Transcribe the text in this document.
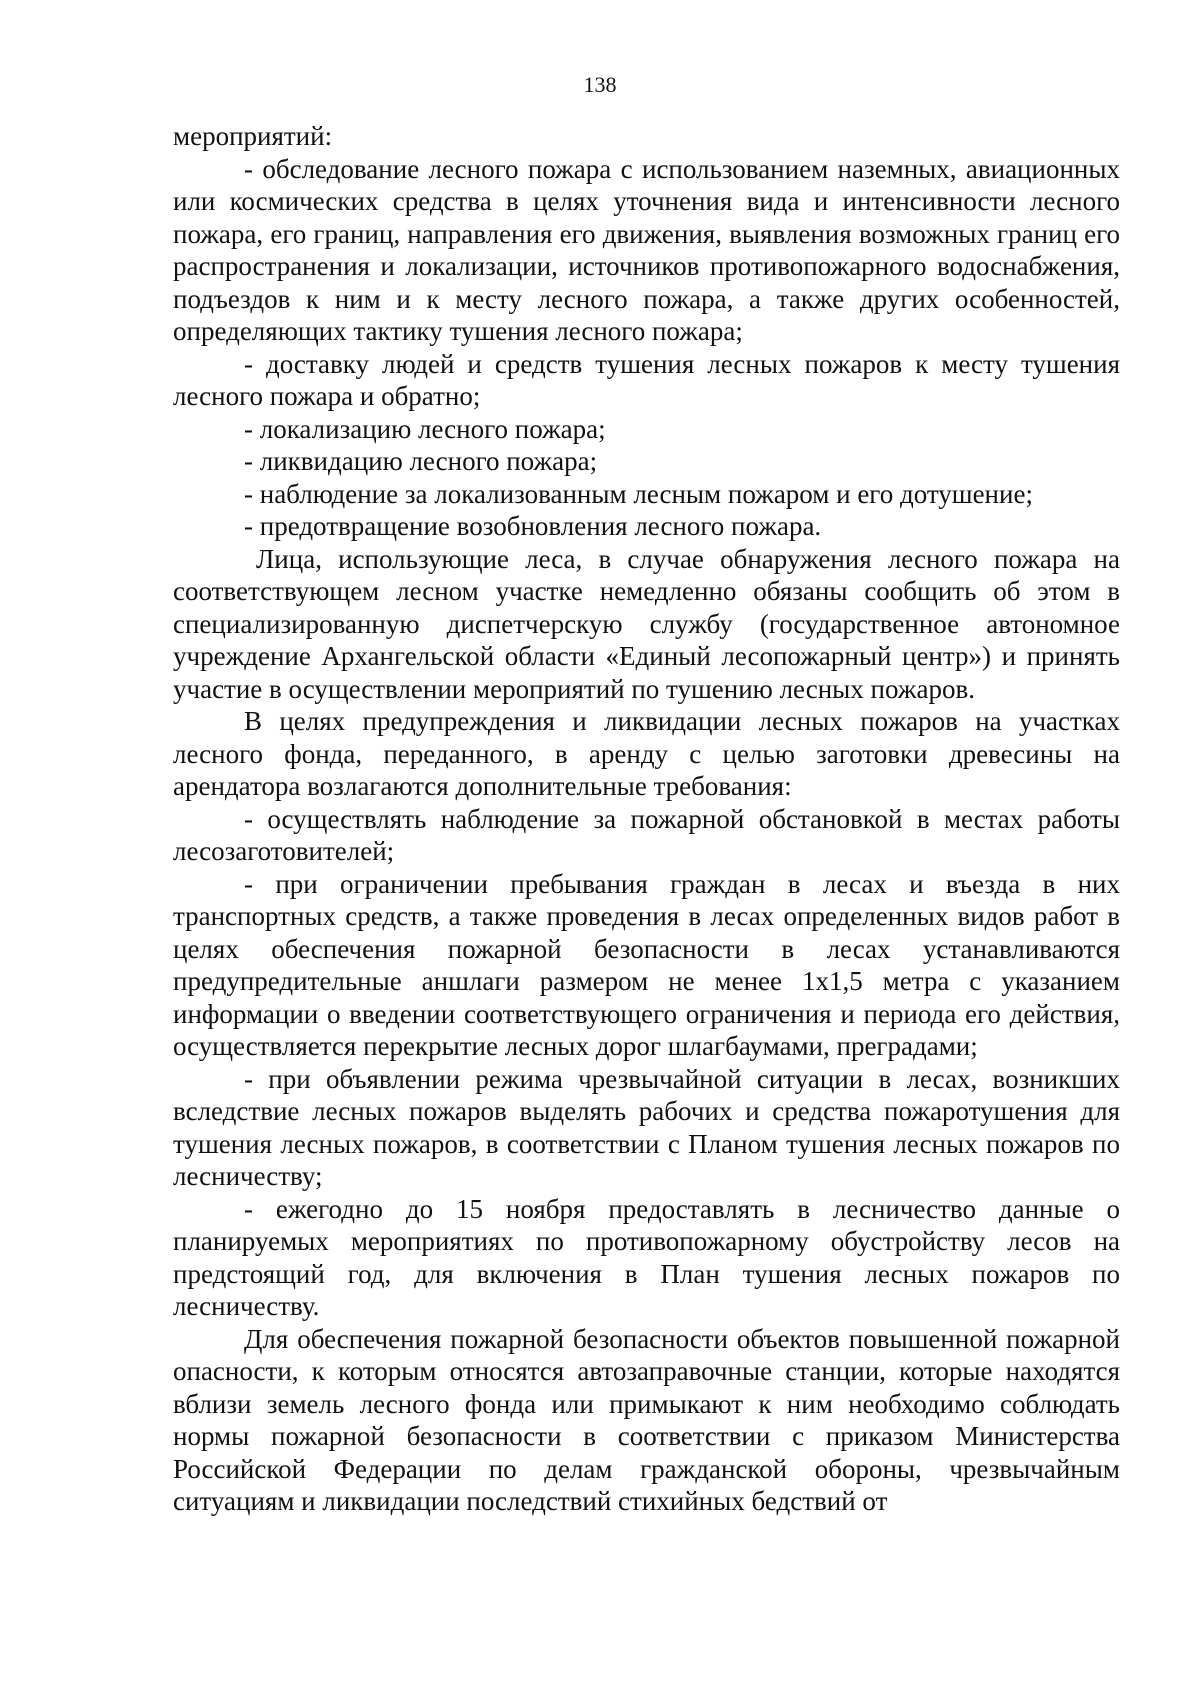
138

мероприятий:

- обследование лесного пожара с использованием наземных, авиационных или космических средства в целях уточнения вида и интенсивности лесного пожара, его границ, направления его движения, выявления возможных границ его распространения и локализации, источников противопожарного водоснабжения, подъездов к ним и к месту лесного пожара, а также других особенностей, определяющих тактику тушения лесного пожара;

- доставку людей и средств тушения лесных пожаров к месту тушения лесного пожара и обратно;

- локализацию лесного пожара;

- ликвидацию лесного пожара;

- наблюдение за локализованным лесным пожаром и его дотушение;

- предотвращение возобновления лесного пожара.

Лица, использующие леса, в случае обнаружения лесного пожара на соответствующем лесном участке немедленно обязаны сообщить об этом в специализированную диспетчерскую службу (государственное автономное учреждение Архангельской области «Единый лесопожарный центр») и принять участие в осуществлении мероприятий по тушению лесных пожаров.

В целях предупреждения и ликвидации лесных пожаров на участках лесного фонда, переданного, в аренду с целью заготовки древесины на арендатора возлагаются дополнительные требования:

- осуществлять наблюдение за пожарной обстановкой в местах работы лесозаготовителей;

- при ограничении пребывания граждан в лесах и въезда в них транспортных средств, а также проведения в лесах определенных видов работ в целях обеспечения пожарной безопасности в лесах устанавливаются предупредительные аншлаги размером не менее 1х1,5 метра с указанием информации о введении соответствующего ограничения и периода его действия, осуществляется перекрытие лесных дорог шлагбаумами, преградами;

- при объявлении режима чрезвычайной ситуации в лесах, возникших вследствие лесных пожаров выделять рабочих и средства пожаротушения для тушения лесных пожаров, в соответствии с Планом тушения лесных пожаров по лесничеству;

- ежегодно до 15 ноября предоставлять в лесничество данные о планируемых мероприятиях по противопожарному обустройству лесов на предстоящий год, для включения в План тушения лесных пожаров по лесничеству.

Для обеспечения пожарной безопасности объектов повышенной пожарной опасности, к которым относятся автозаправочные станции, которые находятся вблизи земель лесного фонда или примыкают к ним необходимо соблюдать нормы пожарной безопасности в соответствии с приказом Министерства Российской Федерации по делам гражданской обороны, чрезвычайным ситуациям и ликвидации последствий стихийных бедствий от
